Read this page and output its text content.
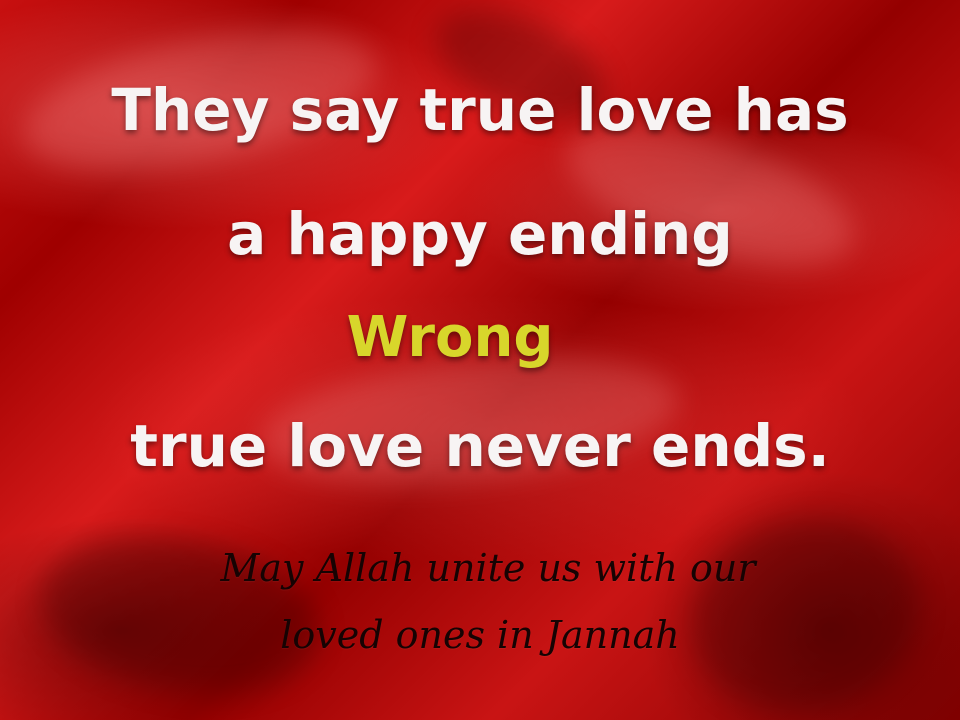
They say true love has

a happy ending

Wrong

true love never ends.

May Allah unite us with our

loved ones in Jannah
